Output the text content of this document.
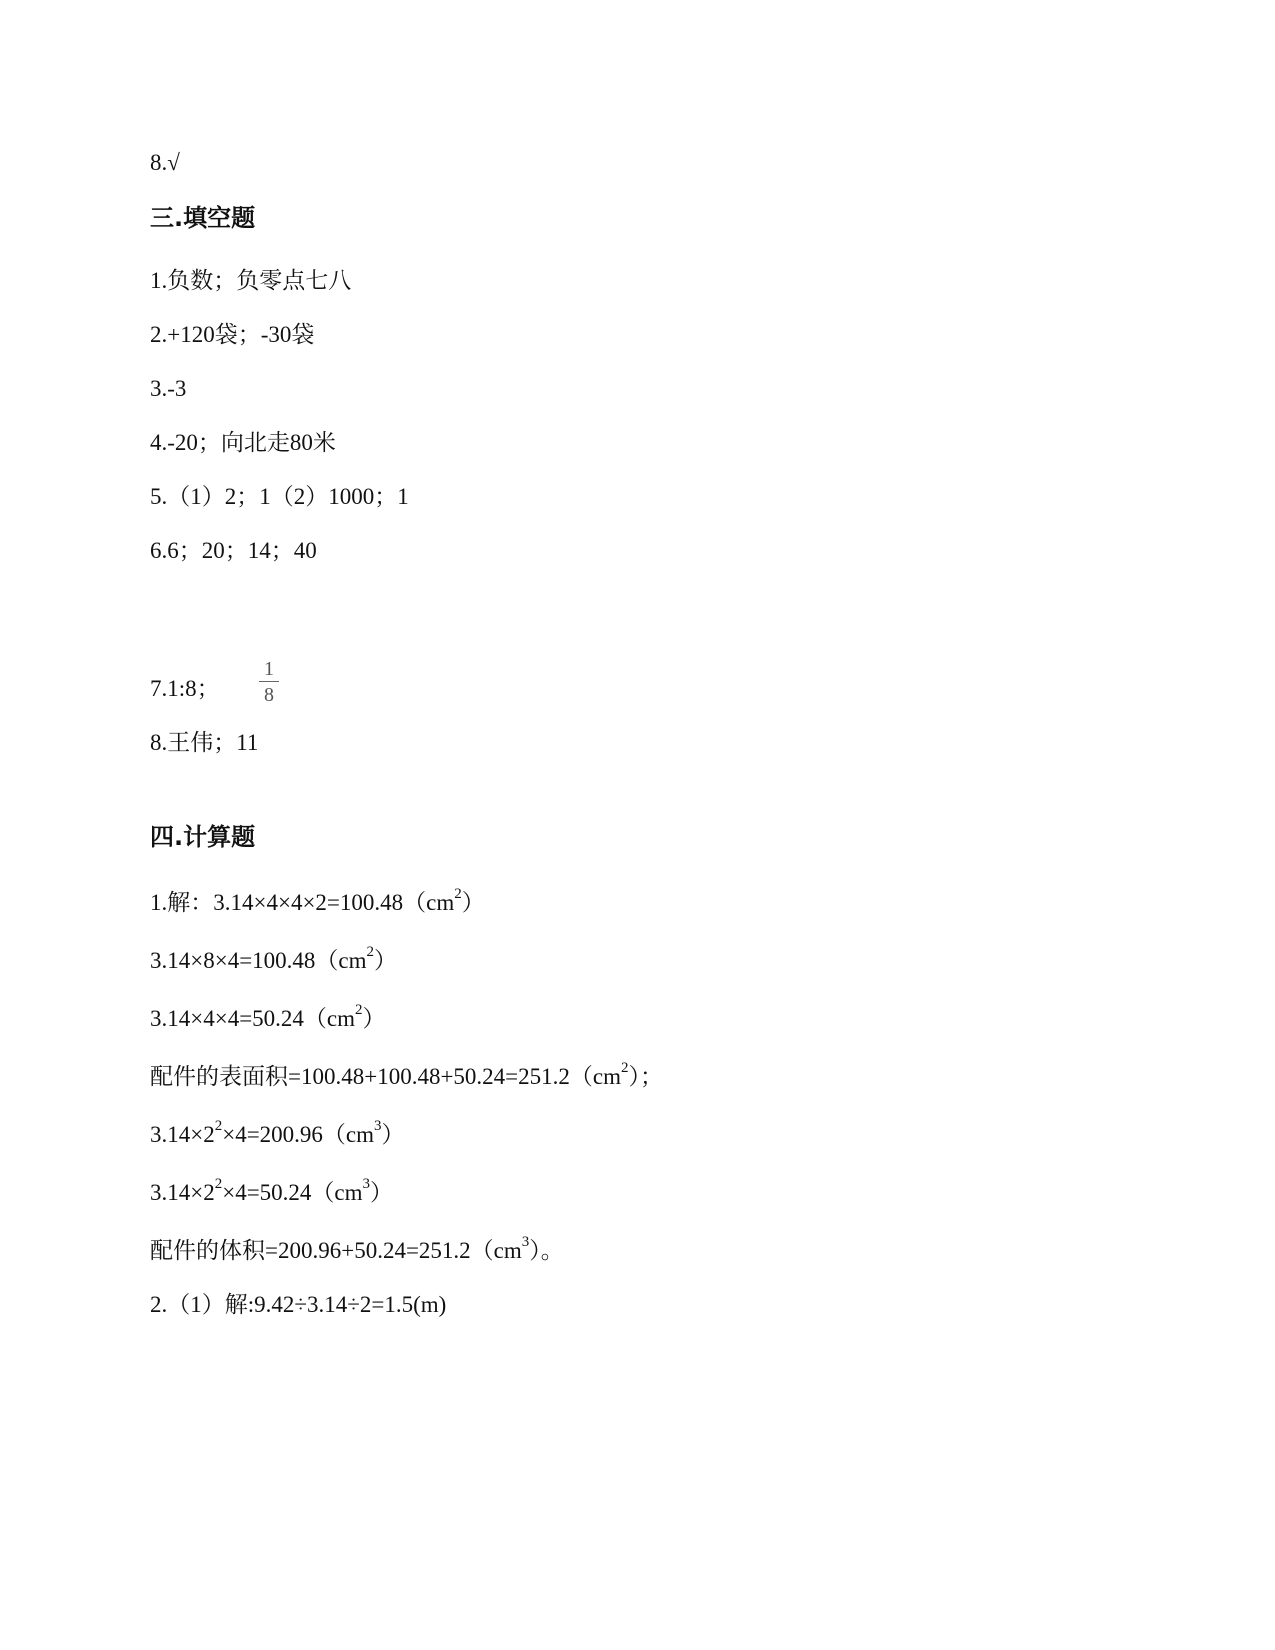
8.√
三.填空题
1.负数；负零点七八
2.+120袋；-30袋
3.-3
4.-20；向北走80米
5.（1）2；1（2）1000；1
6.6；20；14；40
1
8
7.1:8；
8.王伟；11
四.计算题
1.解：$3.14\times 4\times 4\times 2=100.48(cm^2)$
$3.14\times 8\times 4=100.48(cm^2)$
$3.14\times 4\times 4=50.24(cm^2)$
配件的表面积$=100.48+100.48+50.24=251.2(cm^2)$；
$3.14\times 2^2\times 4=200.96(cm^3)$
$3.14\times 2^2\times 4=50.24(cm^3)$
配件的体积$=200.96+50.24=251.2(cm^3)$。
2.（1）解:9.42÷3.14÷2=1.5(m)
